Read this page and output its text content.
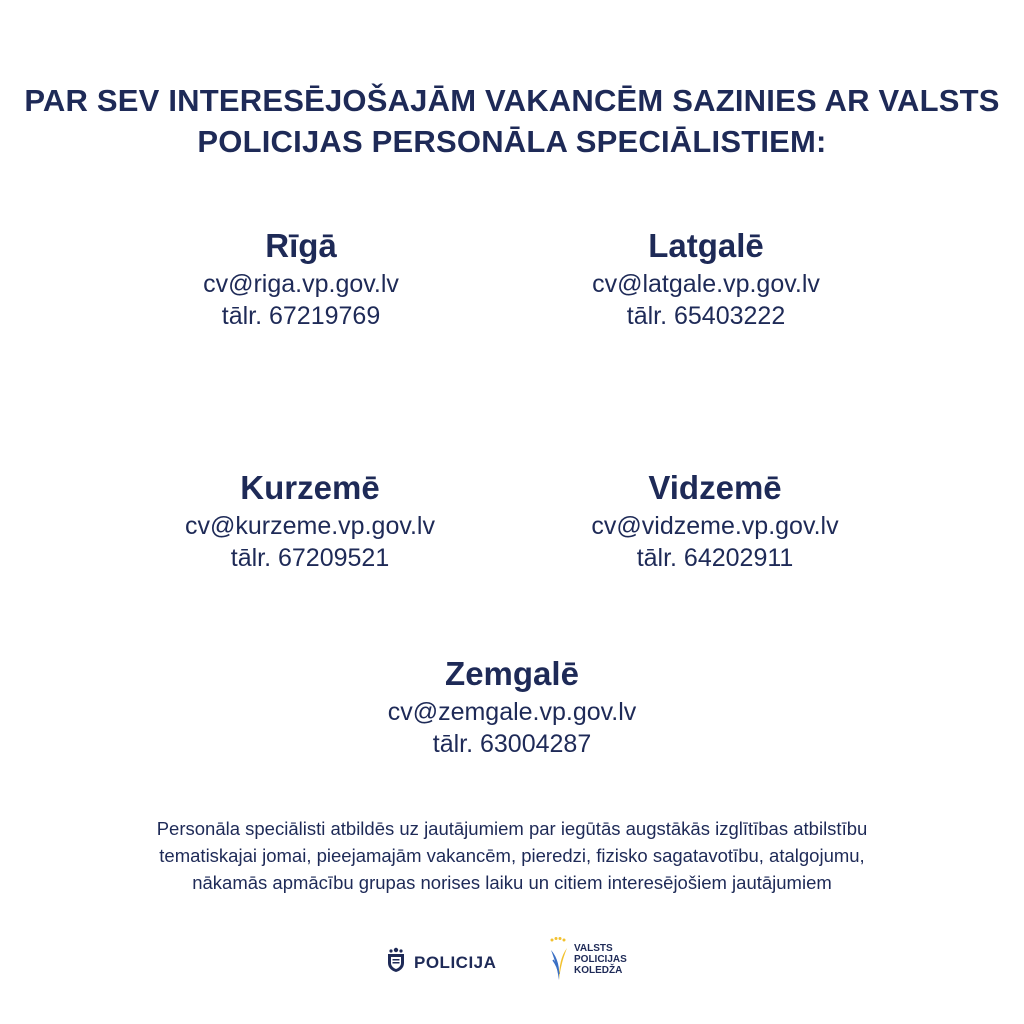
PAR SEV INTERESĒJOŠAJĀM VAKANCĒM SAZINIES AR VALSTS
POLICIJAS PERSONĀLA SPECIĀLISTIEM:
Rīgā
cv@riga.vp.gov.lv
tālr. 67219769
Latgalē
cv@latgale.vp.gov.lv
tālr. 65403222
Kurzemē
cv@kurzeme.vp.gov.lv
tālr. 67209521
Vidzemē
cv@vidzeme.vp.gov.lv
tālr. 64202911
Zemgalē
cv@zemgale.vp.gov.lv
tālr. 63004287
Personāla speciālisti atbildēs uz jautājumiem par iegūtās augstākās izglītības atbilstību
tematiskajai jomai, pieejamajām vakancēm, pieredzi, fizisko sagatavotību, atalgojumu,
nākamās apmācību grupas norises laiku un citiem interesējošiem jautājumiem
POLICIJA
VALSTS
POLICIJAS
KOLEDŽA
